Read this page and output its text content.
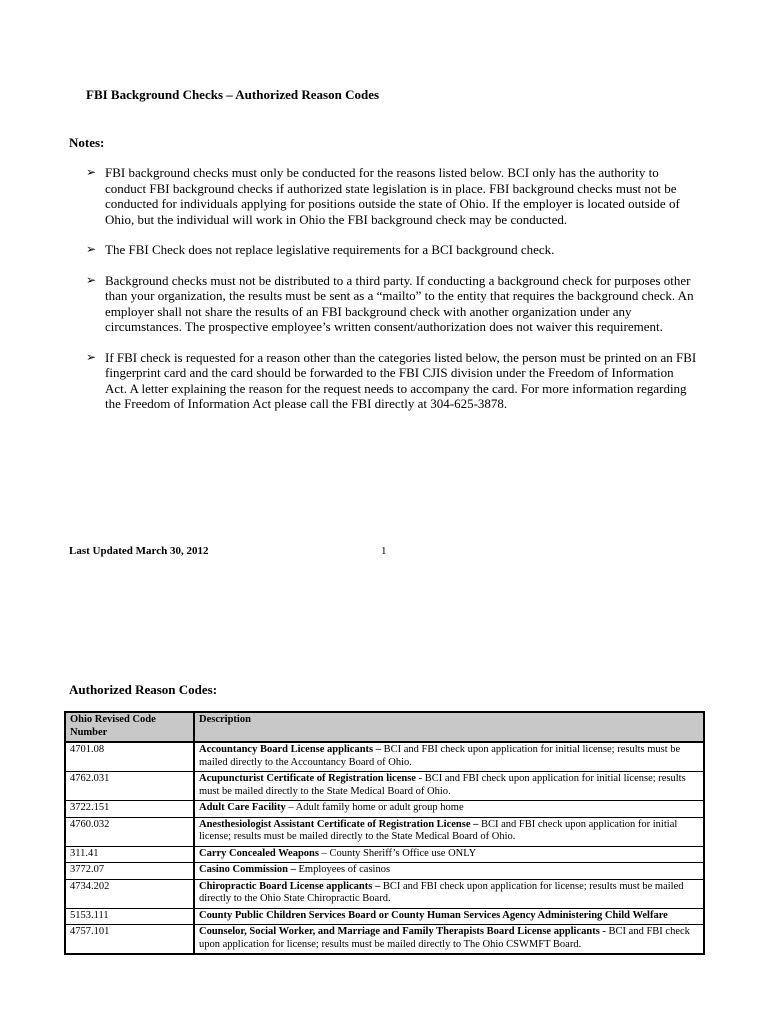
FBI Background Checks – Authorized Reason Codes
Notes:
➢ FBI background checks must only be conducted for the reasons listed below. BCI only has the authority to conduct FBI background checks if authorized state legislation is in place. FBI background checks must not be conducted for individuals applying for positions outside the state of Ohio. If the employer is located outside of Ohio, but the individual will work in Ohio the FBI background check may be conducted.
➢ The FBI Check does not replace legislative requirements for a BCI background check.
➢ Background checks must not be distributed to a third party. If conducting a background check for purposes other than your organization, the results must be sent as a “mailto” to the entity that requires the background check. An employer shall not share the results of an FBI background check with another organization under any circumstances. The prospective employee’s written consent/authorization does not waiver this requirement.
➢ If FBI check is requested for a reason other than the categories listed below, the person must be printed on an FBI fingerprint card and the card should be forwarded to the FBI CJIS division under the Freedom of Information Act. A letter explaining the reason for the request needs to accompany the card. For more information regarding the Freedom of Information Act please call the FBI directly at 304-625-3878.
Last Updated March 30, 2012	1
Authorized Reason Codes:
Ohio Revised Code Number	Description
4701.08	Accountancy Board License applicants – BCI and FBI check upon application for initial license; results must be mailed directly to the Accountancy Board of Ohio.
4762.031	Acupuncturist Certificate of Registration license - BCI and FBI check upon application for initial license; results must be mailed directly to the State Medical Board of Ohio.
3722.151	Adult Care Facility – Adult family home or adult group home
4760.032	Anesthesiologist Assistant Certificate of Registration License – BCI and FBI check upon application for initial license; results must be mailed directly to the State Medical Board of Ohio.
311.41	Carry Concealed Weapons – County Sheriff’s Office use ONLY
3772.07	Casino Commission – Employees of casinos
4734.202	Chiropractic Board License applicants – BCI and FBI check upon application for license; results must be mailed directly to the Ohio State Chiropractic Board.
5153.111	County Public Children Services Board or County Human Services Agency Administering Child Welfare
4757.101	Counselor, Social Worker, and Marriage and Family Therapists Board License applicants - BCI and FBI check upon application for license; results must be mailed directly to The Ohio CSWMFT Board.
